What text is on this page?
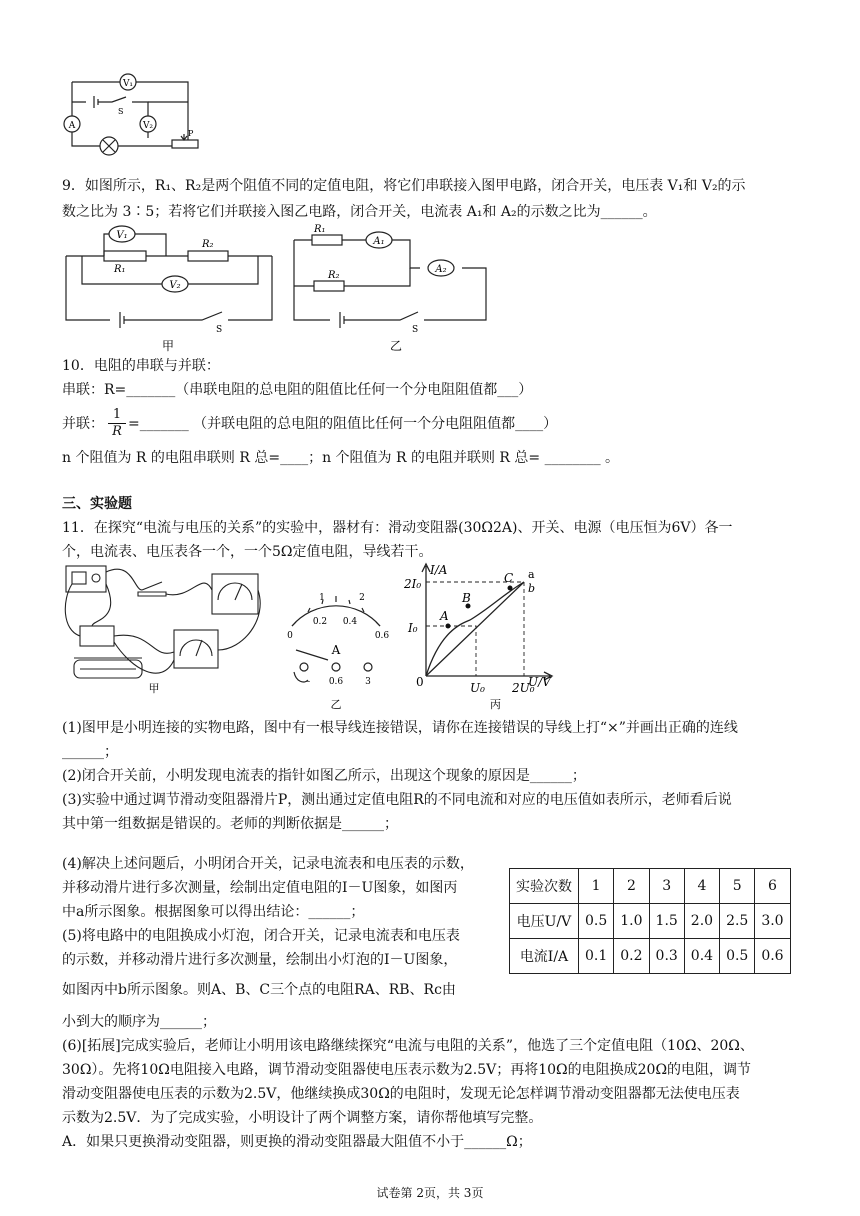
V₁
A	V₂
S
P
9．如图所示，R₁、R₂是两个阻值不同的定值电阻，将它们串联接入图甲电路，闭合开关，电压表 V₁和 V₂的示
数之比为 3∶5；若将它们并联接入图乙电路，闭合开关，电流表 A₁和 A₂的示数之比为______。
V₁
V₂
R₁
R₂
S
甲
A₁
A₂
R₁
R₂
S
乙
10．电阻的串联与并联：
串联：R=_______（串联电阻的总电阻的阻值比任何一个分电阻阻值都___）
并联： $\frac{1}{R}$ =_______ （并联电阻的总电阻的阻值比任何一个分电阻阻值都____）
n 个阻值为 R 的电阻串联则 R 总=____；n 个阻值为 R 的电阻并联则 R 总= ________ 。
三、实验题
11．在探究“电流与电压的关系”的实验中，器材有：滑动变阻器(30Ω2A)、开关、电源（电压恒为6V）各一
个，电流表、电压表各一个，一个5Ω定值电阻，导线若干。
甲
0
0.2 0.4
0.6
1	2
A
– 0.6 3
乙
I/A
U/V
0
2I₀
I₀
U₀ 2U₀
A
B
C a
b
丙
(1)图甲是小明连接的实物电路，图中有一根导线连接错误，请你在连接错误的导线上打“×”并画出正确的连线
______；
(2)闭合开关前，小明发现电流表的指针如图乙所示，出现这个现象的原因是______；
(3)实验中通过调节滑动变阻器滑片P，测出通过定值电阻R的不同电流和对应的电压值如表所示，老师看后说
其中第一组数据是错误的。老师的判断依据是______；
(4)解决上述问题后，小明闭合开关，记录电流表和电压表的示数，
并移动滑片进行多次测量，绘制出定值电阻的I－U图象，如图丙
中a所示图象。根据图象可以得出结论：______；
(5)将电路中的电阻换成小灯泡，闭合开关，记录电流表和电压表
的示数，并移动滑片进行多次测量，绘制出小灯泡的I－U图象，
如图丙中b所示图象。则A、B、C三个点的电阻RA、RB、Rc由
小到大的顺序为______；
实验次数	1	2	3	4	5	6
电压U/V	0.5	1.0	1.5	2.0	2.5	3.0
电流I/A	0.1	0.2	0.3	0.4	0.5	0.6
(6)[拓展]完成实验后，老师让小明用该电路继续探究“电流与电阻的关系”，他选了三个定值电阻（10Ω、20Ω、
30Ω）。先将10Ω电阻接入电路，调节滑动变阻器使电压表示数为2.5V；再将10Ω的电阻换成20Ω的电阻，调节
滑动变阻器使电压表的示数为2.5V，他继续换成30Ω的电阻时，发现无论怎样调节滑动变阻器都无法使电压表
示数为2.5V．为了完成实验，小明设计了两个调整方案，请你帮他填写完整。
A．如果只更换滑动变阻器，则更换的滑动变阻器最大阻值不小于______Ω；
试卷第 2页，共 3页
